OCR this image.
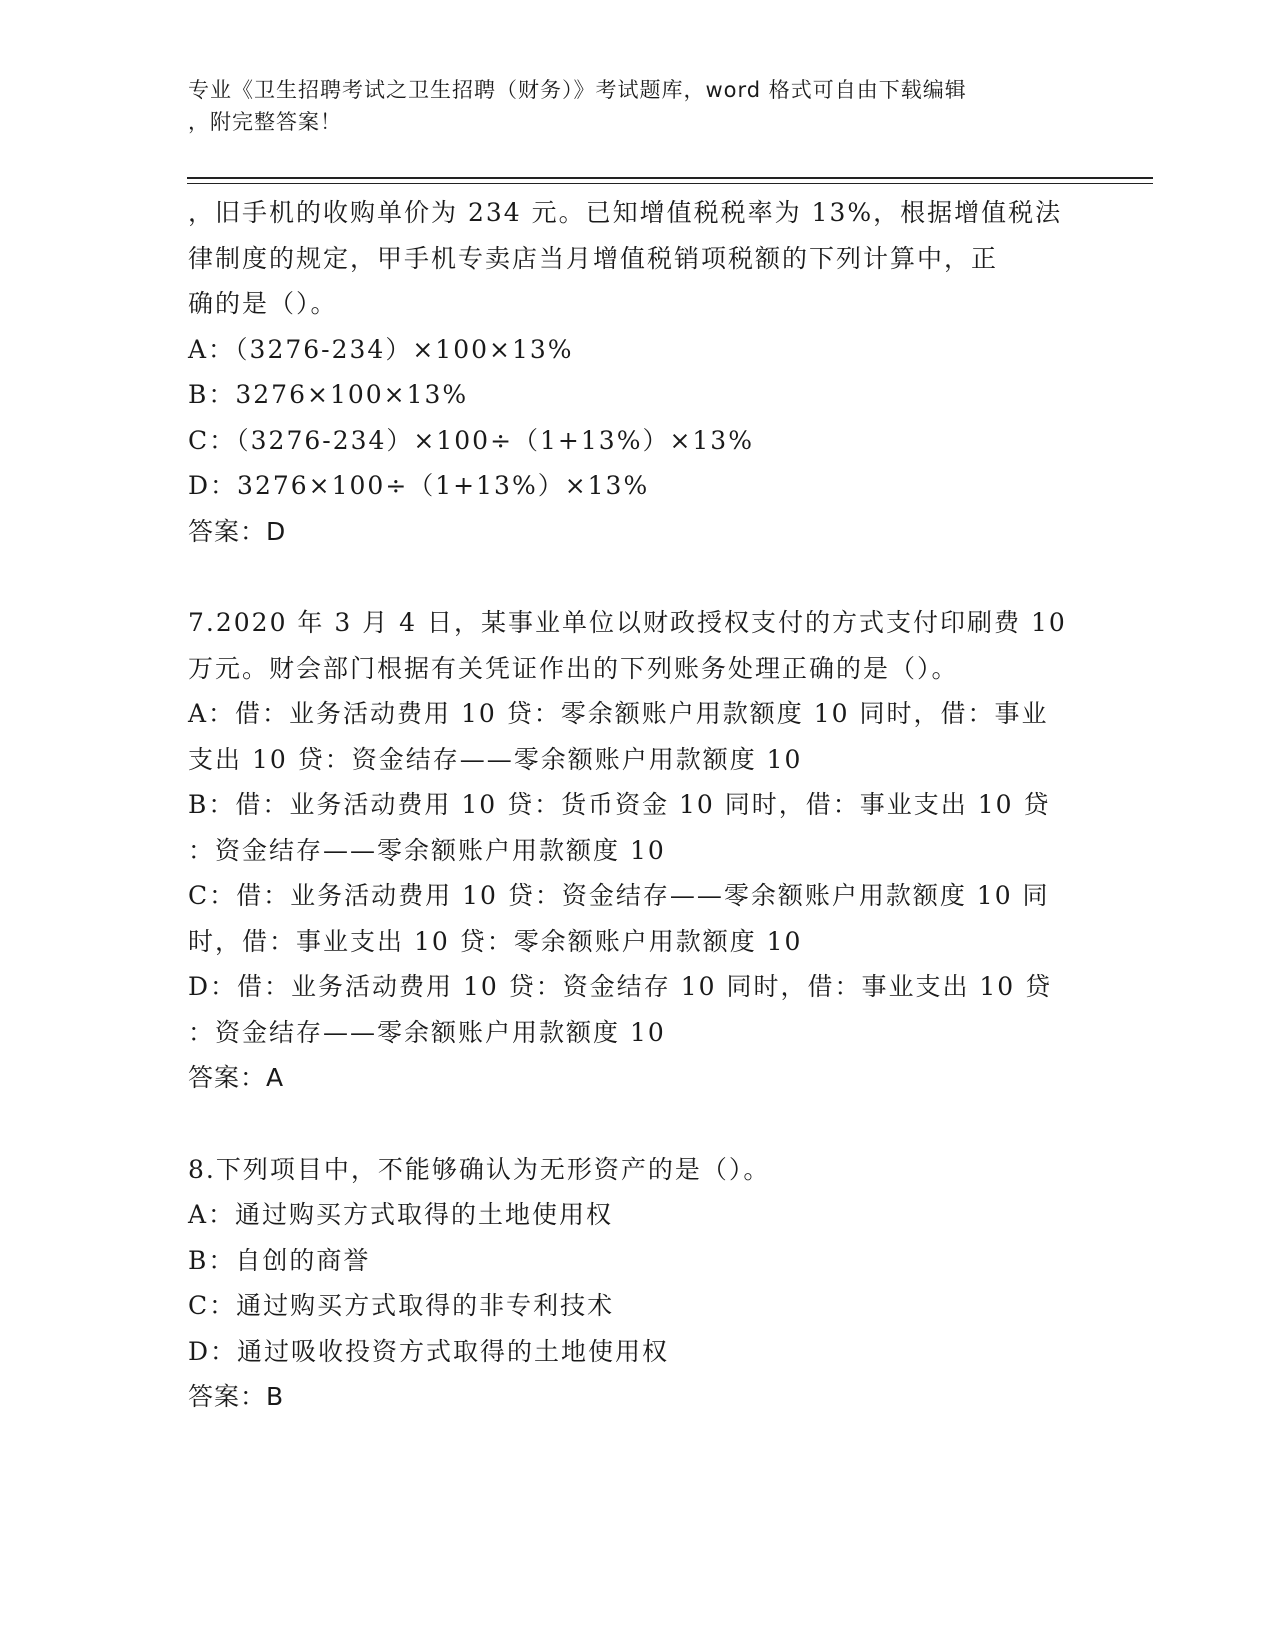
专业《卫生招聘考试之卫生招聘（财务）》考试题库，word 格式可自由下载编辑
，附完整答案！
，旧手机的收购单价为 234 元。已知增值税税率为 13%，根据增值税法
律制度的规定，甲手机专卖店当月增值税销项税额的下列计算中，正
确的是（）。
A：（3276-234）×100×13%
B：3276×100×13%
C：（3276-234）×100÷（1+13%）×13%
D：3276×100÷（1+13%）×13%
答案：D
7.2020 年 3 月 4 日，某事业单位以财政授权支付的方式支付印刷费 10
万元。财会部门根据有关凭证作出的下列账务处理正确的是（）。
A：借：业务活动费用 10 贷：零余额账户用款额度 10 同时，借：事业
支出 10 贷：资金结存——零余额账户用款额度 10
B：借：业务活动费用 10 贷：货币资金 10 同时，借：事业支出 10 贷
：资金结存——零余额账户用款额度 10
C：借：业务活动费用 10 贷：资金结存——零余额账户用款额度 10 同
时，借：事业支出 10 贷：零余额账户用款额度 10
D：借：业务活动费用 10 贷：资金结存 10 同时，借：事业支出 10 贷
：资金结存——零余额账户用款额度 10
答案：A
8.下列项目中，不能够确认为无形资产的是（）。
A：通过购买方式取得的土地使用权
B：自创的商誉
C：通过购买方式取得的非专利技术
D：通过吸收投资方式取得的土地使用权
答案：B
